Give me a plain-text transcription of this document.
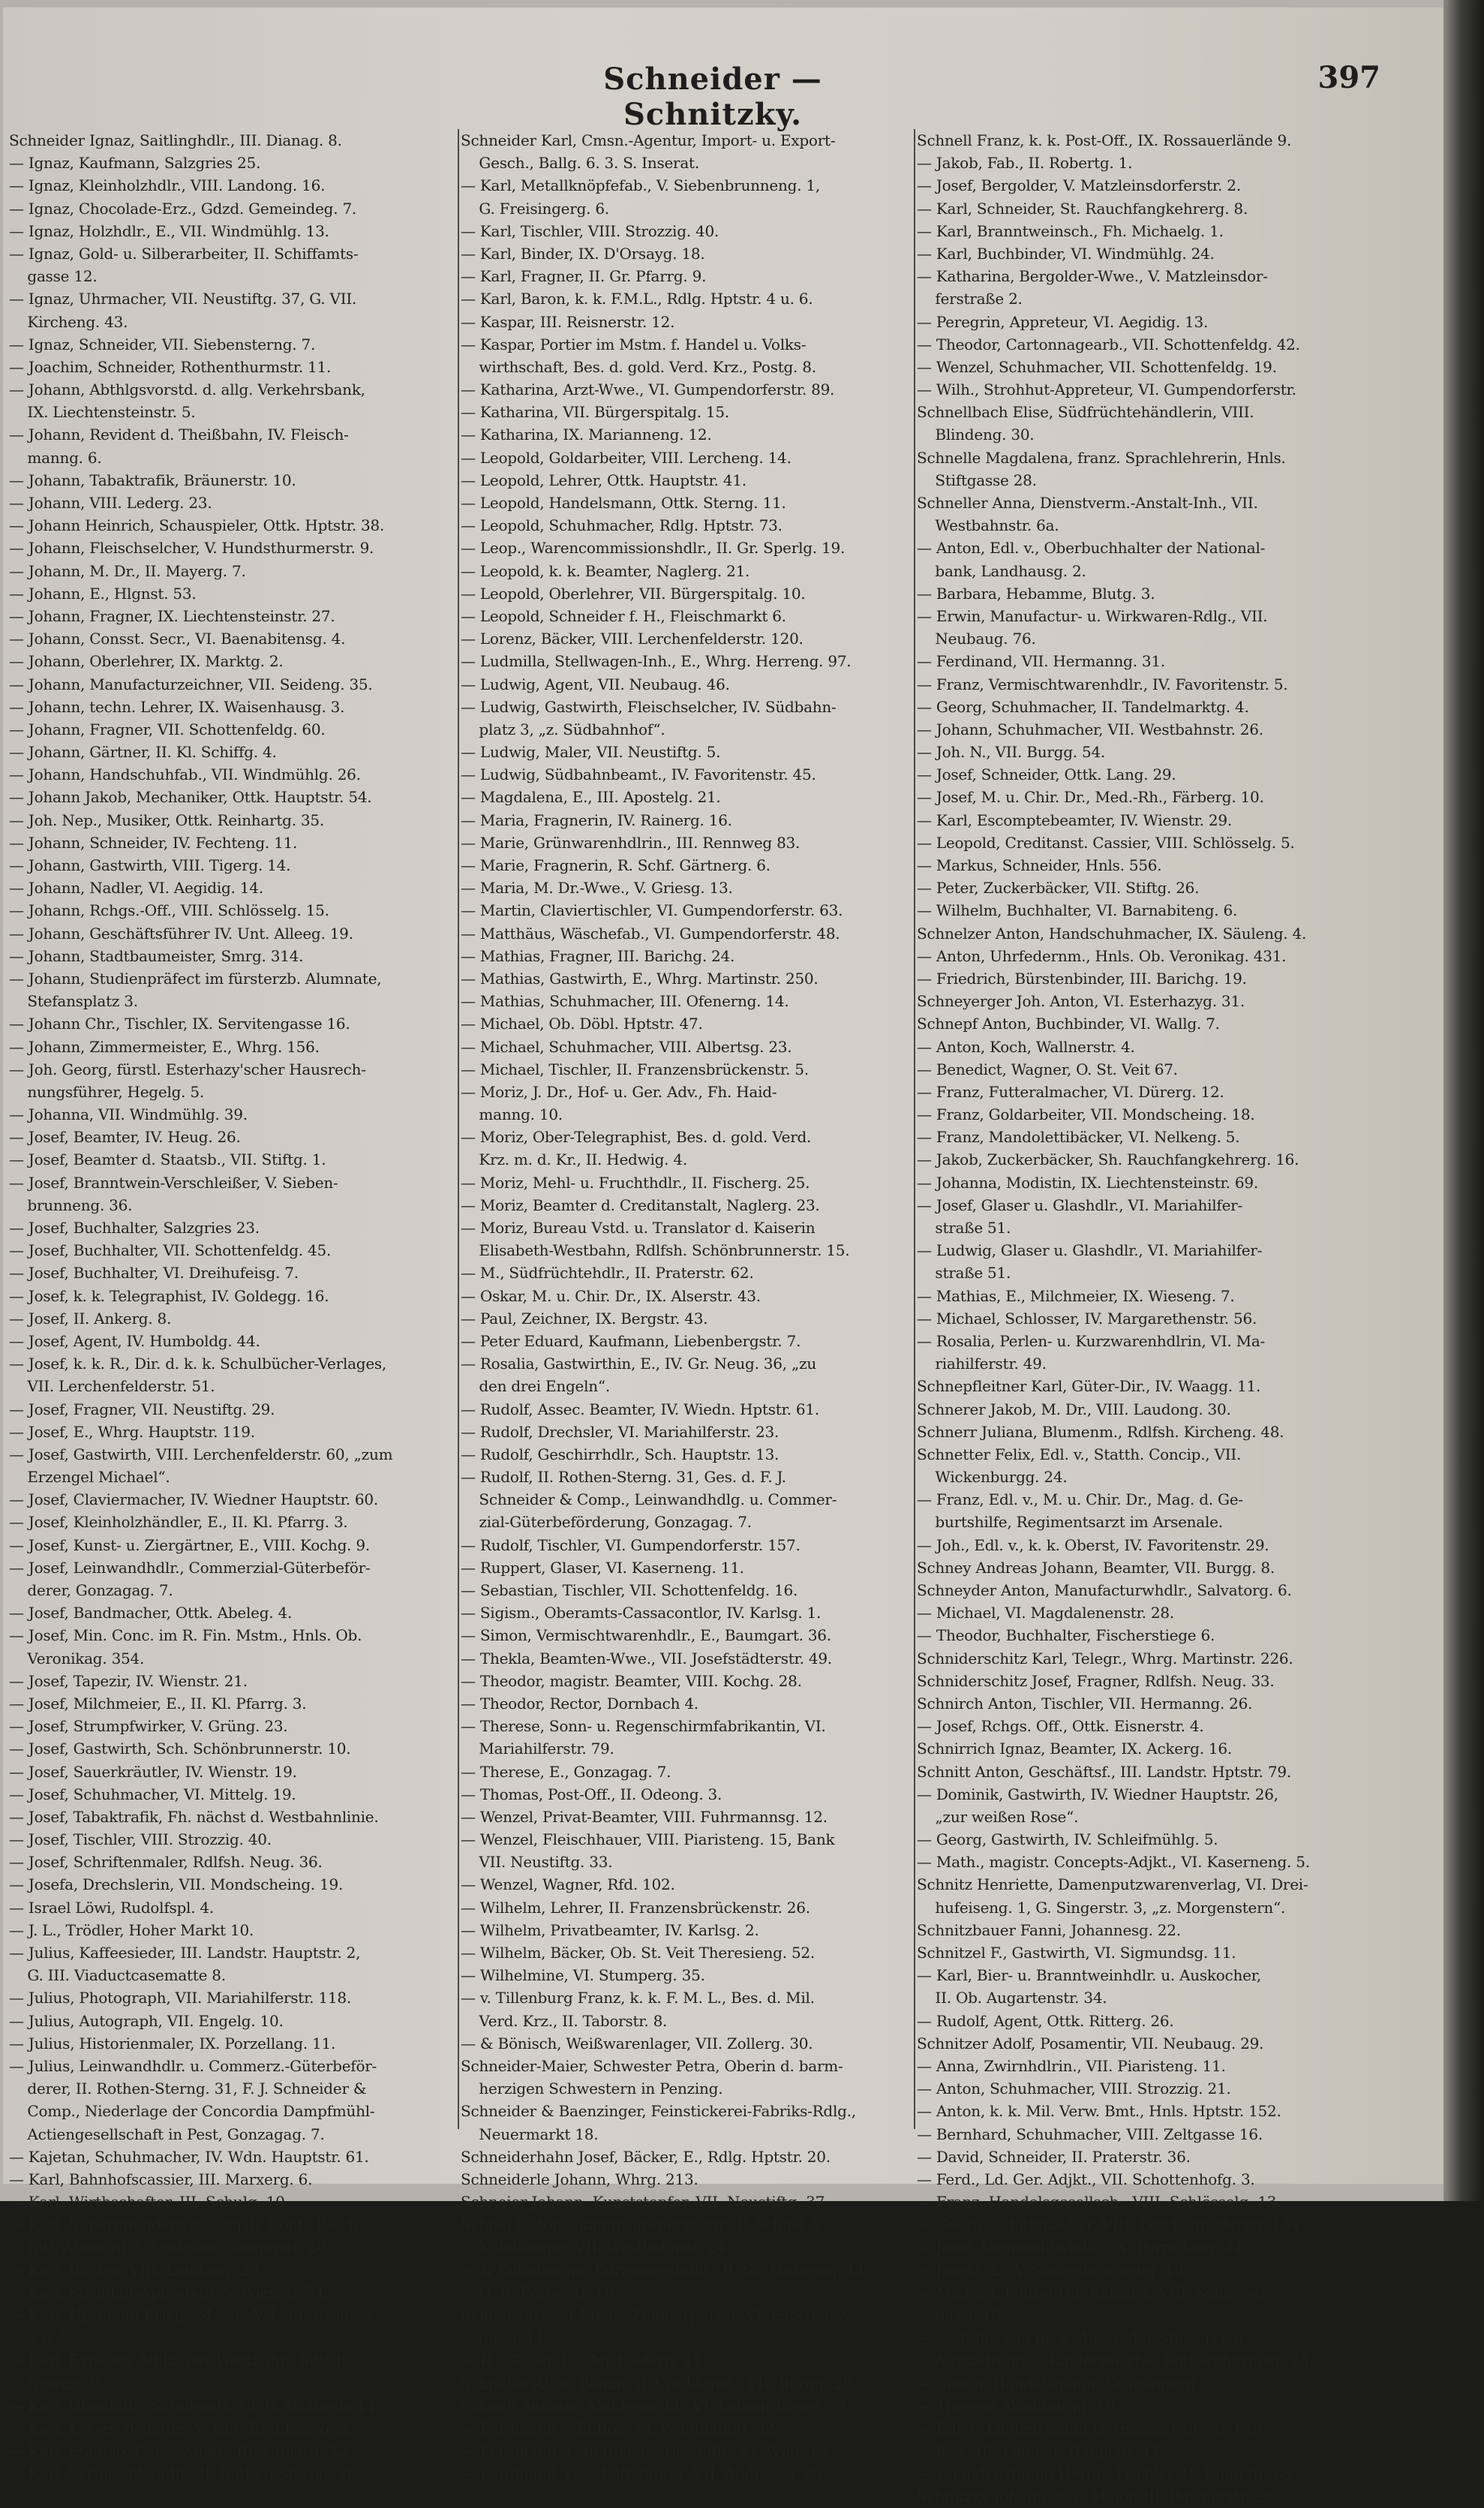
Schneider — Schnitzky.
397

Schneider Ignaz, Saitlinghdlr., III. Dianag. 8.

— Ignaz, Kaufmann, Salzgries 25.

— Ignaz, Kleinholzhdlr., VIII. Landong. 16.

— Ignaz, Chocolade-Erz., Gdzd. Gemeindeg. 7.

— Ignaz, Holzhdlr., E., VII. Windmühlg. 13.

— Ignaz, Gold- u. Silberarbeiter, II. Schiffamts-

gasse 12.

— Ignaz, Uhrmacher, VII. Neustiftg. 37, G. VII.

Kircheng. 43.

— Ignaz, Schneider, VII. Siebensterng. 7.

— Joachim, Schneider, Rothenthurmstr. 11.

— Johann, Abthlgsvorstd. d. allg. Verkehrsbank,

IX. Liechtensteinstr. 5.

— Johann, Revident d. Theißbahn, IV. Fleisch-

manng. 6.

— Johann, Tabaktrafik, Bräunerstr. 10.

— Johann, VIII. Lederg. 23.

— Johann Heinrich, Schauspieler, Ottk. Hptstr. 38.

— Johann, Fleischselcher, V. Hundsthurmerstr. 9.

— Johann, M. Dr., II. Mayerg. 7.

— Johann, E., Hlgnst. 53.

— Johann, Fragner, IX. Liechtensteinstr. 27.

— Johann, Consst. Secr., VI. Baenabitensg. 4.

— Johann, Oberlehrer, IX. Marktg. 2.

— Johann, Manufacturzeichner, VII. Seideng. 35.

— Johann, techn. Lehrer, IX. Waisenhausg. 3.

— Johann, Fragner, VII. Schottenfeldg. 60.

— Johann, Gärtner, II. Kl. Schiffg. 4.

— Johann, Handschuhfab., VII. Windmühlg. 26.

— Johann Jakob, Mechaniker, Ottk. Hauptstr. 54.

— Joh. Nep., Musiker, Ottk. Reinhartg. 35.

— Johann, Schneider, IV. Fechteng. 11.

— Johann, Gastwirth, VIII. Tigerg. 14.

— Johann, Nadler, VI. Aegidig. 14.

— Johann, Rchgs.-Off., VIII. Schlösselg. 15.

— Johann, Geschäftsführer IV. Unt. Alleeg. 19.

— Johann, Stadtbaumeister, Smrg. 314.

— Johann, Studienpräfect im fürsterzb. Alumnate,

Stefansplatz 3.

— Johann Chr., Tischler, IX. Servitengasse 16.

— Johann, Zimmermeister, E., Whrg. 156.

— Joh. Georg, fürstl. Esterhazy'scher Hausrech-

nungsführer, Hegelg. 5.

— Johanna, VII. Windmühlg. 39.

— Josef, Beamter, IV. Heug. 26.

— Josef, Beamter d. Staatsb., VII. Stiftg. 1.

— Josef, Branntwein-Verschleißer, V. Sieben-

brunneng. 36.

— Josef, Buchhalter, Salzgries 23.

— Josef, Buchhalter, VII. Schottenfeldg. 45.

— Josef, Buchhalter, VI. Dreihufeisg. 7.

— Josef, k. k. Telegraphist, IV. Goldegg. 16.

— Josef, II. Ankerg. 8.

— Josef, Agent, IV. Humboldg. 44.

— Josef, k. k. R., Dir. d. k. k. Schulbücher-Verlages,

VII. Lerchenfelderstr. 51.

— Josef, Fragner, VII. Neustiftg. 29.

— Josef, E., Whrg. Hauptstr. 119.

— Josef, Gastwirth, VIII. Lerchenfelderstr. 60, „zum

Erzengel Michael“.

— Josef, Claviermacher, IV. Wiedner Hauptstr. 60.

— Josef, Kleinholzhändler, E., II. Kl. Pfarrg. 3.

— Josef, Kunst- u. Ziergärtner, E., VIII. Kochg. 9.

— Josef, Leinwandhdlr., Commerzial-Güterbeför-

derer, Gonzagag. 7.

— Josef, Bandmacher, Ottk. Abeleg. 4.

— Josef, Min. Conc. im R. Fin. Mstm., Hnls. Ob.

Veronikag. 354.

— Josef, Tapezir, IV. Wienstr. 21.

— Josef, Milchmeier, E., II. Kl. Pfarrg. 3.

— Josef, Strumpfwirker, V. Grüng. 23.

— Josef, Gastwirth, Sch. Schönbrunnerstr. 10.

— Josef, Sauerkräutler, IV. Wienstr. 19.

— Josef, Schuhmacher, VI. Mittelg. 19.

— Josef, Tabaktrafik, Fh. nächst d. Westbahnlinie.

— Josef, Tischler, VIII. Strozzig. 40.

— Josef, Schriftenmaler, Rdlfsh. Neug. 36.

— Josefa, Drechslerin, VII. Mondscheing. 19.

— Israel Löwi, Rudolfspl. 4.

— J. L., Trödler, Hoher Markt 10.

— Julius, Kaffeesieder, III. Landstr. Hauptstr. 2,

G. III. Viaductcasematte 8.

— Julius, Photograph, VII. Mariahilferstr. 118.

— Julius, Autograph, VII. Engelg. 10.

— Julius, Historienmaler, IX. Porzellang. 11.

— Julius, Leinwandhdlr. u. Commerz.-Güterbeför-

derer, II. Rothen-Sterng. 31, F. J. Schneider &

Comp., Niederlage der Concordia Dampfmühl-

Actiengesellschaft in Pest, Gonzagag. 7.

— Kajetan, Schuhmacher, IV. Wdn. Hauptstr. 61.

— Karl, Bahnhofscassier, III. Marxerg. 6.

— Karl, Wirthschafter, III. Schulg. 10.

— Karl, Superintendent ev. augsb. Conf., Reichs-

rath Abgeord. f. Schlesien, Singerstr. 20.

— Karl, Bäcker, VIII. Laudong. 23.

— Karl, Strohhut-Appreteur, V. Wienstr. 71.

— Karl, Hptm. im Kriegs-Mstm., V. Laurenzgasse

3 u. 5.

— Karl, Expedits Adjkt. der Westbahn, Rdlfsh.

Grenzg. 9.

— Karl, Glasshdlr., Schulerstr. 18, G. Wollzeile 14.

— Karl, L. Ger.-Beamter, V. Unt. Bräuhausg. 2.

— Karl, Staatsb.-Casse-Adjkt., III. Ungarg. 52.

— Karl, Vermischtwhdlr., II. Rothen-Sterng. 26.

Schneider Karl, Cmsn.-Agentur, Import- u. Export-

Gesch., Ballg. 6. 3. S. Inserat.

— Karl, Metallknöpfefab., V. Siebenbrunneng. 1,

G. Freisingerg. 6.

— Karl, Tischler, VIII. Strozzig. 40.

— Karl, Binder, IX. D'Orsayg. 18.

— Karl, Fragner, II. Gr. Pfarrg. 9.

— Karl, Baron, k. k. F.M.L., Rdlg. Hptstr. 4 u. 6.

— Kaspar, III. Reisnerstr. 12.

— Kaspar, Portier im Mstm. f. Handel u. Volks-

wirthschaft, Bes. d. gold. Verd. Krz., Postg. 8.

— Katharina, Arzt-Wwe., VI. Gumpendorferstr. 89.

— Katharina, VII. Bürgerspitalg. 15.

— Katharina, IX. Marianneng. 12.

— Leopold, Goldarbeiter, VIII. Lercheng. 14.

— Leopold, Lehrer, Ottk. Hauptstr. 41.

— Leopold, Handelsmann, Ottk. Sterng. 11.

— Leopold, Schuhmacher, Rdlg. Hptstr. 73.

— Leop., Warencommissionshdlr., II. Gr. Sperlg. 19.

— Leopold, k. k. Beamter, Naglerg. 21.

— Leopold, Oberlehrer, VII. Bürgerspitalg. 10.

— Leopold, Schneider f. H., Fleischmarkt 6.

— Lorenz, Bäcker, VIII. Lerchenfelderstr. 120.

— Ludmilla, Stellwagen-Inh., E., Whrg. Herreng. 97.

— Ludwig, Agent, VII. Neubaug. 46.

— Ludwig, Gastwirth, Fleischselcher, IV. Südbahn-

platz 3, „z. Südbahnhof“.

— Ludwig, Maler, VII. Neustiftg. 5.

— Ludwig, Südbahnbeamt., IV. Favoritenstr. 45.

— Magdalena, E., III. Apostelg. 21.

— Maria, Fragnerin, IV. Rainerg. 16.

— Marie, Grünwarenhdlrin., III. Rennweg 83.

— Marie, Fragnerin, R. Schf. Gärtnerg. 6.

— Maria, M. Dr.-Wwe., V. Griesg. 13.

— Martin, Claviertischler, VI. Gumpendorferstr. 63.

— Matthäus, Wäschefab., VI. Gumpendorferstr. 48.

— Mathias, Fragner, III. Barichg. 24.

— Mathias, Gastwirth, E., Whrg. Martinstr. 250.

— Mathias, Schuhmacher, III. Ofenerng. 14.

— Michael, Ob. Döbl. Hptstr. 47.

— Michael, Schuhmacher, VIII. Albertsg. 23.

— Michael, Tischler, II. Franzensbrückenstr. 5.

— Moriz, J. Dr., Hof- u. Ger. Adv., Fh. Haid-

manng. 10.

— Moriz, Ober-Telegraphist, Bes. d. gold. Verd.

Krz. m. d. Kr., II. Hedwig. 4.

— Moriz, Mehl- u. Fruchthdlr., II. Fischerg. 25.

— Moriz, Beamter d. Creditanstalt, Naglerg. 23.

— Moriz, Bureau Vstd. u. Translator d. Kaiserin

Elisabeth-Westbahn, Rdlfsh. Schönbrunnerstr. 15.

— M., Südfrüchtehdlr., II. Praterstr. 62.

— Oskar, M. u. Chir. Dr., IX. Alserstr. 43.

— Paul, Zeichner, IX. Bergstr. 43.

— Peter Eduard, Kaufmann, Liebenbergstr. 7.

— Rosalia, Gastwirthin, E., IV. Gr. Neug. 36, „zu

den drei Engeln“.

— Rudolf, Assec. Beamter, IV. Wiedn. Hptstr. 61.

— Rudolf, Drechsler, VI. Mariahilferstr. 23.

— Rudolf, Geschirrhdlr., Sch. Hauptstr. 13.

— Rudolf, II. Rothen-Sterng. 31, Ges. d. F. J.

Schneider & Comp., Leinwandhdlg. u. Commer-

zial-Güterbeförderung, Gonzagag. 7.

— Rudolf, Tischler, VI. Gumpendorferstr. 157.

— Ruppert, Glaser, VI. Kaserneng. 11.

— Sebastian, Tischler, VII. Schottenfeldg. 16.

— Sigism., Oberamts-Cassacontlor, IV. Karlsg. 1.

— Simon, Vermischtwarenhdlr., E., Baumgart. 36.

— Thekla, Beamten-Wwe., VII. Josefstädterstr. 49.

— Theodor, magistr. Beamter, VIII. Kochg. 28.

— Theodor, Rector, Dornbach 4.

— Therese, Sonn- u. Regenschirmfabrikantin, VI.

Mariahilferstr. 79.

— Therese, E., Gonzagag. 7.

— Thomas, Post-Off., II. Odeong. 3.

— Wenzel, Privat-Beamter, VIII. Fuhrmannsg. 12.

— Wenzel, Fleischhauer, VIII. Piaristeng. 15, Bank

VII. Neustiftg. 33.

— Wenzel, Wagner, Rfd. 102.

— Wilhelm, Lehrer, II. Franzensbrückenstr. 26.

— Wilhelm, Privatbeamter, IV. Karlsg. 2.

— Wilhelm, Bäcker, Ob. St. Veit Theresieng. 52.

— Wilhelmine, VI. Stumperg. 35.

— v. Tillenburg Franz, k. k. F. M. L., Bes. d. Mil.

Verd. Krz., II. Taborstr. 8.

— & Bönisch, Weißwarenlager, VII. Zollerg. 30.

Schneider-Maier, Schwester Petra, Oberin d. barm-

herzigen Schwestern in Penzing.

Schneider & Baenzinger, Feinstickerei-Fabriks-Rdlg.,

Neuermarkt 18.

Schneiderhahn Josef, Bäcker, E., Rdlg. Hptstr. 20.

Schneiderle Johann, Whrg. 213.

Schneier Johann, Kunststopfer, VII. Neustiftg. 37.

Schnel Isidor, Gummiwarenerzeugr., F. Schnel &

Kohnberger, VII. Westbahnstr. 24.

— & Kohnberger, Kurzwarenhdlg., II. Gr. Mohreng. 14,

G. II. Praterstr. 18.

Schnekenreiter Mich., Zimmerputzer, VI. Esterhazy-

gasse 11.

— R., Glaser, Fh. Michaelerg. 11.

Schnelka Alois, Beamt. d. Creditanst., VII. Burgg. 20.

Schnell Antonia, Mehlverschl., VI. Laimgrubeng. 27.

— Ferdinand v. Entlor., VI. Windmühlg. 32.

— Ferdinand, Ledergalanteriewhdlr., VI. Wdg. 15.

— Ferdinand, Geschäftsführer, VII. Andreasg. 25.

Schnell Franz, k. k. Post-Off., IX. Rossauerlände 9.

— Jakob, Fab., II. Robertg. 1.

— Josef, Bergolder, V. Matzleinsdorferstr. 2.

— Karl, Schneider, St. Rauchfangkehrerg. 8.

— Karl, Branntweinsch., Fh. Michaelg. 1.

— Karl, Buchbinder, VI. Windmühlg. 24.

— Katharina, Bergolder-Wwe., V. Matzleinsdor-

ferstraße 2.

— Peregrin, Appreteur, VI. Aegidig. 13.

— Theodor, Cartonnagearb., VII. Schottenfeldg. 42.

— Wenzel, Schuhmacher, VII. Schottenfeldg. 19.

— Wilh., Strohhut-Appreteur, VI. Gumpendorferstr.

Schnellbach Elise, Südfrüchtehändlerin, VIII.

Blindeng. 30.

Schnelle Magdalena, franz. Sprachlehrerin, Hnls.

Stiftgasse 28.

Schneller Anna, Dienstverm.-Anstalt-Inh., VII.

Westbahnstr. 6a.

— Anton, Edl. v., Oberbuchhalter der National-

bank, Landhausg. 2.

— Barbara, Hebamme, Blutg. 3.

— Erwin, Manufactur- u. Wirkwaren-Rdlg., VII.

Neubaug. 76.

— Ferdinand, VII. Hermanng. 31.

— Franz, Vermischtwarenhdlr., IV. Favoritenstr. 5.

— Georg, Schuhmacher, II. Tandelmarktg. 4.

— Johann, Schuhmacher, VII. Westbahnstr. 26.

— Joh. N., VII. Burgg. 54.

— Josef, Schneider, Ottk. Lang. 29.

— Josef, M. u. Chir. Dr., Med.-Rh., Färberg. 10.

— Karl, Escomptebeamter, IV. Wienstr. 29.

— Leopold, Creditanst. Cassier, VIII. Schlösselg. 5.

— Markus, Schneider, Hnls. 556.

— Peter, Zuckerbäcker, VII. Stiftg. 26.

— Wilhelm, Buchhalter, VI. Barnabiteng. 6.

Schnelzer Anton, Handschuhmacher, IX. Säuleng. 4.

— Anton, Uhrfedernm., Hnls. Ob. Veronikag. 431.

— Friedrich, Bürstenbinder, III. Barichg. 19.

Schneyerger Joh. Anton, VI. Esterhazyg. 31.

Schnepf Anton, Buchbinder, VI. Wallg. 7.

— Anton, Koch, Wallnerstr. 4.

— Benedict, Wagner, O. St. Veit 67.

— Franz, Futteralmacher, VI. Dürerg. 12.

— Franz, Goldarbeiter, VII. Mondscheing. 18.

— Franz, Mandolettibäcker, VI. Nelkeng. 5.

— Jakob, Zuckerbäcker, Sh. Rauchfangkehrerg. 16.

— Johanna, Modistin, IX. Liechtensteinstr. 69.

— Josef, Glaser u. Glashdlr., VI. Mariahilfer-

straße 51.

— Ludwig, Glaser u. Glashdlr., VI. Mariahilfer-

straße 51.

— Mathias, E., Milchmeier, IX. Wieseng. 7.

— Michael, Schlosser, IV. Margarethenstr. 56.

— Rosalia, Perlen- u. Kurzwarenhdlrin, VI. Ma-

riahilferstr. 49.

Schnepfleitner Karl, Güter-Dir., IV. Waagg. 11.

Schnerer Jakob, M. Dr., VIII. Laudong. 30.

Schnerr Juliana, Blumenm., Rdlfsh. Kircheng. 48.

Schnetter Felix, Edl. v., Statth. Concip., VII.

Wickenburgg. 24.

— Franz, Edl. v., M. u. Chir. Dr., Mag. d. Ge-

burtshilfe, Regimentsarzt im Arsenale.

— Joh., Edl. v., k. k. Oberst, IV. Favoritenstr. 29.

Schney Andreas Johann, Beamter, VII. Burgg. 8.

Schneyder Anton, Manufacturwhdlr., Salvatorg. 6.

— Michael, VI. Magdalenenstr. 28.

— Theodor, Buchhalter, Fischerstiege 6.

Schniderschitz Karl, Telegr., Whrg. Martinstr. 226.

Schniderschitz Josef, Fragner, Rdlfsh. Neug. 33.

Schnirch Anton, Tischler, VII. Hermanng. 26.

— Josef, Rchgs. Off., Ottk. Eisnerstr. 4.

Schnirrich Ignaz, Beamter, IX. Ackerg. 16.

Schnitt Anton, Geschäftsf., III. Landstr. Hptstr. 79.

— Dominik, Gastwirth, IV. Wiedner Hauptstr. 26,

„zur weißen Rose“.

— Georg, Gastwirth, IV. Schleifmühlg. 5.

— Math., magistr. Concepts-Adjkt., VI. Kaserneng. 5.

Schnitz Henriette, Damenputzwarenverlag, VI. Drei-

hufeiseng. 1, G. Singerstr. 3, „z. Morgenstern“.

Schnitzbauer Fanni, Johannesg. 22.

Schnitzel F., Gastwirth, VI. Sigmundsg. 11.

— Karl, Bier- u. Branntweinhdlr. u. Auskocher,

II. Ob. Augartenstr. 34.

— Rudolf, Agent, Ottk. Ritterg. 26.

Schnitzer Adolf, Posamentir, VII. Neubaug. 29.

— Anna, Zwirnhdlrin., VII. Piaristeng. 11.

— Anton, Schuhmacher, VIII. Strozzig. 21.

— Anton, k. k. Mil. Verw. Bmt., Hnls. Hptstr. 152.

— Bernhard, Schuhmacher, VIII. Zeltgasse 16.

— David, Schneider, II. Praterstr. 36.

— Ferd., Ld. Ger. Adjkt., VII. Schottenhofg. 3.

— Franz, Handelsgesellsch., VIII. Schlösselg. 13.

— Georg, Schuhmacher, VIII. Lerchenfelderstr. 134.

— Josef, Vermischtwhdlr., IX. Porzellang. 44.

— Josefa, E., V. Siebenbrunneng. 10.

— Michael, Polizei-Dir.-Kanzlist, VIII. Schlössel-

gasse 19.

— S., Rdlg. von In- u. Ausländer-Stickereien,

Ausstattung u. Kinderwäsche, Rothenthurmstr. 25.

— Simon, Handelsmann, Grünangerg. 7.

— Therese, Weihburgg. 10.

— Edl. v. Lindenstamm Hermann, Guts- u. Fab.

Bes., III. Landstr. Hauptstr. 17.

— v. Lindenstamm Herm., Tischler, II. Taborstr. 65.

Schnitzky Johann, k. k. Major, III. Reisnerstr. 28.
